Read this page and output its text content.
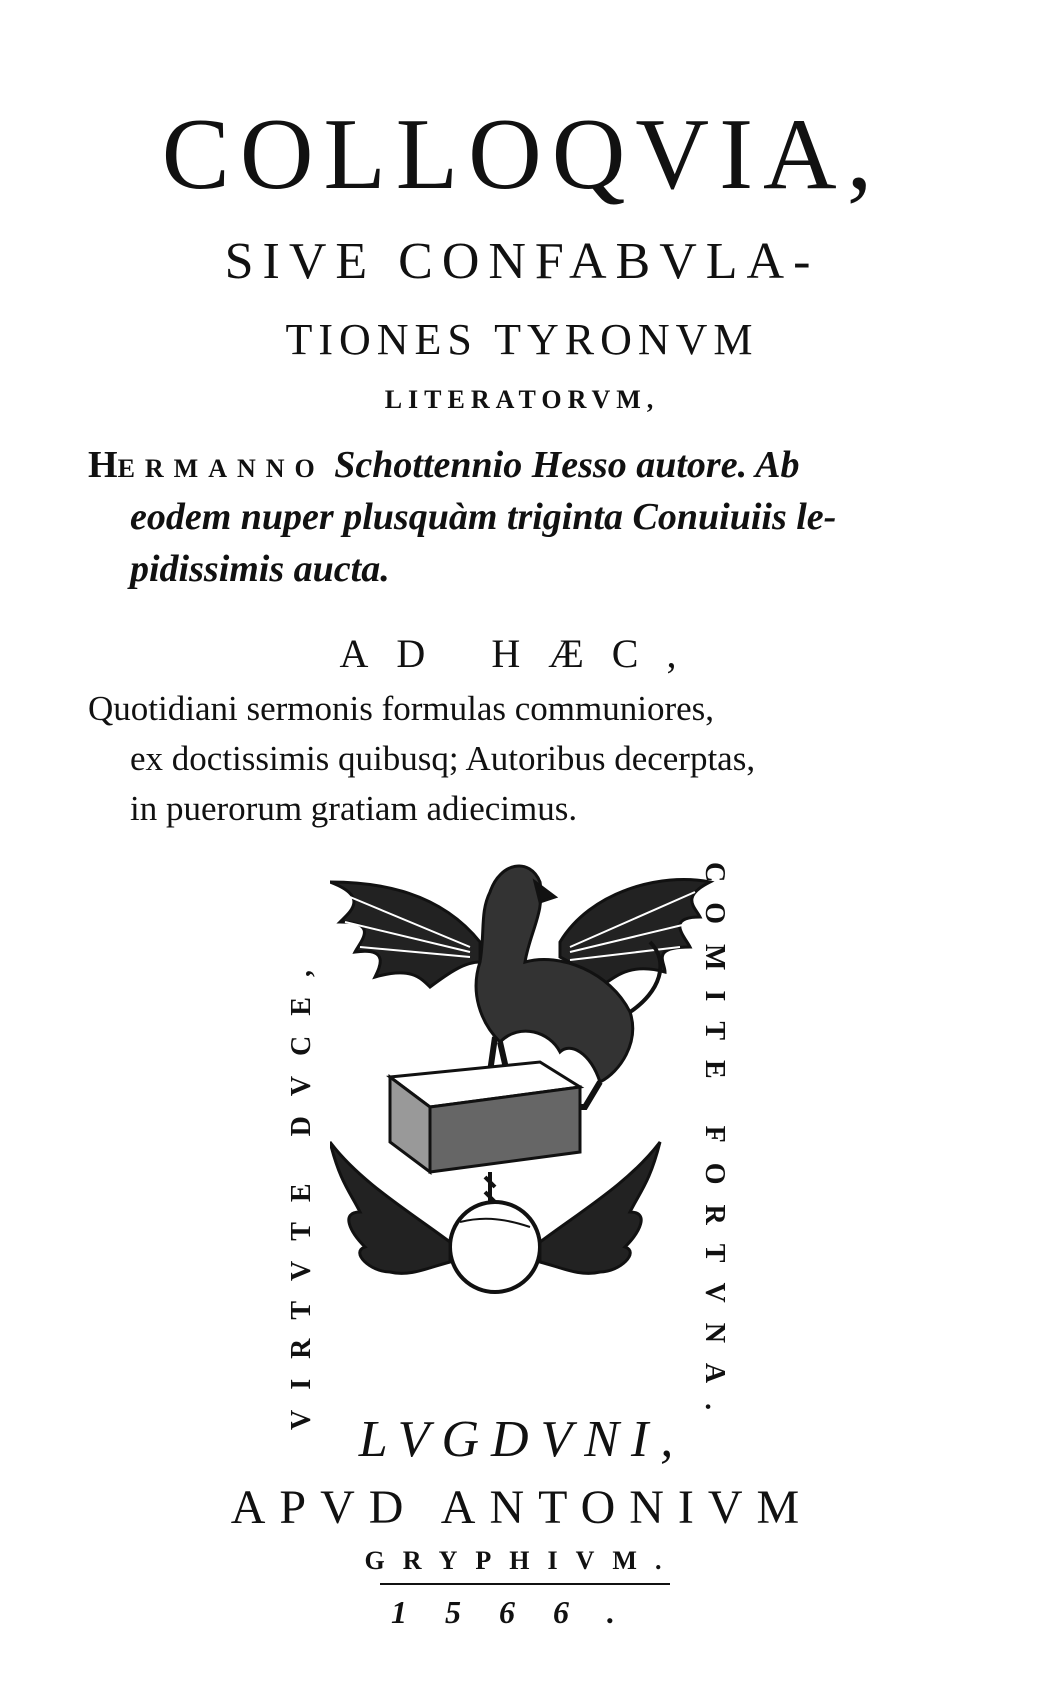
COLLOQVIA,
SIVE CONFABVLA-
TIONES TYRONVM
LITERATORVM,
HERMANNO Schottennio Hesso autore. Ab
eodem nuper plusquàm triginta Conuiuiis le-
pidissimis aucta.
AD HÆC,
Quotidiani sermonis formulas communiores,
ex doctissimis quibusq; Autoribus decerptas,
in puerorum gratiam adiecimus.
VIRTVTE DVCE,	COMITE FORTVNA.
LVGDVNI,
APVD ANTONIVM
GRYPHIVM.
1566.
